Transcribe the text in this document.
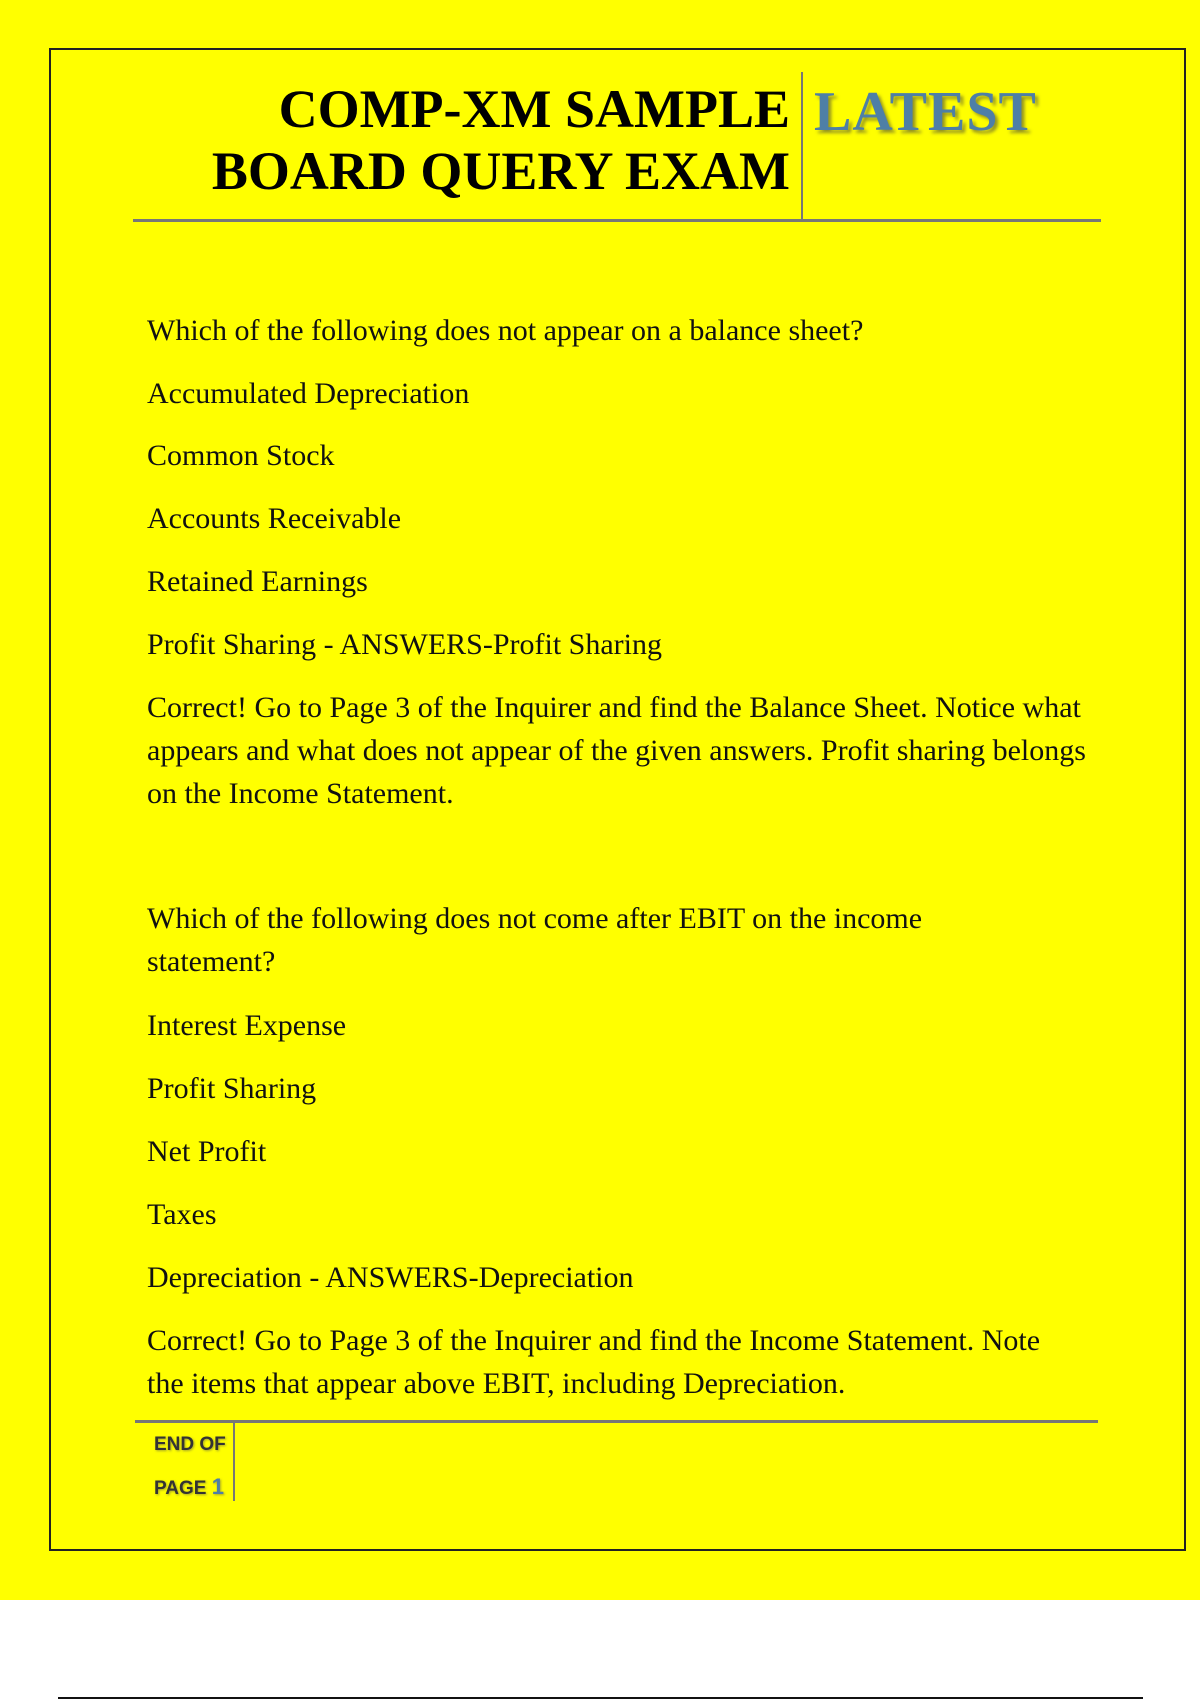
COMP-XM SAMPLE
BOARD QUERY EXAM
LATEST
Which of the following does not appear on a balance sheet?
Accumulated Depreciation
Common Stock
Accounts Receivable
Retained Earnings
Profit Sharing - ANSWERS-Profit Sharing
Correct! Go to Page 3 of the Inquirer and find the Balance Sheet. Notice what appears and what does not appear of the given answers. Profit sharing belongs on the Income Statement.
Which of the following does not come after EBIT on the income statement?
Interest Expense
Profit Sharing
Net Profit
Taxes
Depreciation - ANSWERS-Depreciation
Correct! Go to Page 3 of the Inquirer and find the Income Statement. Note the items that appear above EBIT, including Depreciation.
END OF
PAGE 1
